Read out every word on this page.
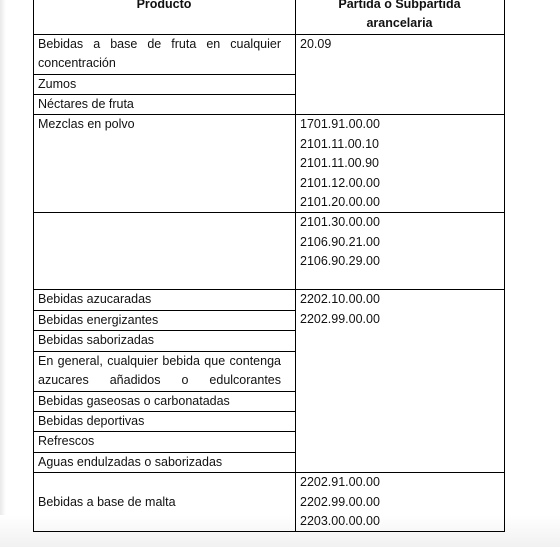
Producto	Partida o Subpartida
arancelaria

Bebidas a base de fruta en cualquier concentración	20.09

Zumos	
Néctares de fruta	
Mezclas en polvo	1701.91.00.00
2101.11.00.10
2101.11.00.90
2101.12.00.00
2101.20.00.00

	2101.30.00.00
2106.90.21.00
2106.90.29.00

Bebidas azucaradas	2202.10.00.00
2202.99.00.00

Bebidas energizantes	
Bebidas saborizadas	

En general, cualquier bebida que contenga azucares añadidos o edulcorantes	

Bebidas gaseosas o carbonatadas	
Bebidas deportivas	
Refrescos	
Aguas endulzadas o saborizadas	
Bebidas a base de malta	2202.91.00.00
2202.99.00.00
2203.00.00.00
